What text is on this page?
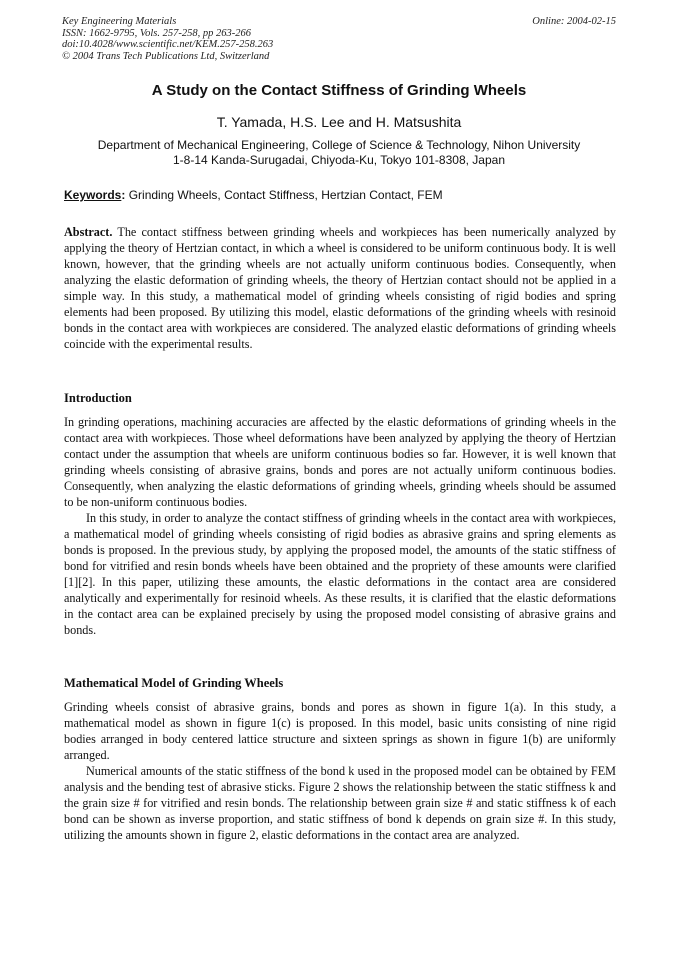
Key Engineering Materials
ISSN: 1662-9795, Vols. 257-258, pp 263-266
doi:10.4028/www.scientific.net/KEM.257-258.263
© 2004 Trans Tech Publications Ltd, Switzerland
Online: 2004-02-15
A Study on the Contact Stiffness of Grinding Wheels
T. Yamada, H.S. Lee and H. Matsushita
Department of Mechanical Engineering, College of Science & Technology, Nihon University
1-8-14 Kanda-Surugadai, Chiyoda-Ku, Tokyo 101-8308, Japan
Keywords: Grinding Wheels, Contact Stiffness, Hertzian Contact, FEM

Abstract. The contact stiffness between grinding wheels and workpieces has been numerically analyzed by applying the theory of Hertzian contact, in which a wheel is considered to be uniform continuous body. It is well known, however, that the grinding wheels are not actually uniform continuous bodies. Consequently, when analyzing the elastic deformation of grinding wheels, the theory of Hertzian contact should not be applied in a simple way. In this study, a mathematical model of grinding wheels consisting of rigid bodies and spring elements had been proposed. By utilizing this model, elastic deformations of the grinding wheels with resinoid bonds in the contact area with workpieces are considered. The analyzed elastic deformations of grinding wheels coincide with the experimental results.

Introduction

In grinding operations, machining accuracies are affected by the elastic deformations of grinding wheels in the contact area with workpieces. Those wheel deformations have been analyzed by applying the theory of Hertzian contact under the assumption that wheels are uniform continuous bodies so far. However, it is well known that grinding wheels consisting of abrasive grains, bonds and pores are not actually uniform continuous bodies. Consequently, when analyzing the elastic deformations of grinding wheels, grinding wheels should be assumed to be non-uniform continuous bodies.

In this study, in order to analyze the contact stiffness of grinding wheels in the contact area with workpieces, a mathematical model of grinding wheels consisting of rigid bodies as abrasive grains and spring elements as bonds is proposed. In the previous study, by applying the proposed model, the amounts of the static stiffness of bond for vitrified and resin bonds wheels have been obtained and the propriety of these amounts were clarified [1][2]. In this paper, utilizing these amounts, the elastic deformations in the contact area are considered analytically and experimentally for resinoid wheels. As these results, it is clarified that the elastic deformations in the contact area can be explained precisely by using the proposed model consisting of abrasive grains and bonds.

Mathematical Model of Grinding Wheels

Grinding wheels consist of abrasive grains, bonds and pores as shown in figure 1(a). In this study, a mathematical model as shown in figure 1(c) is proposed. In this model, basic units consisting of nine rigid bodies arranged in body centered lattice structure and sixteen springs as shown in figure 1(b) are uniformly arranged.

Numerical amounts of the static stiffness of the bond k used in the proposed model can be obtained by FEM analysis and the bending test of abrasive sticks. Figure 2 shows the relationship between the static stiffness k and the grain size # for vitrified and resin bonds. The relationship between grain size # and static stiffness k of each bond can be shown as inverse proportion, and static stiffness of bond k depends on grain size #. In this study, utilizing the amounts shown in figure 2, elastic deformations in the contact area are analyzed.
